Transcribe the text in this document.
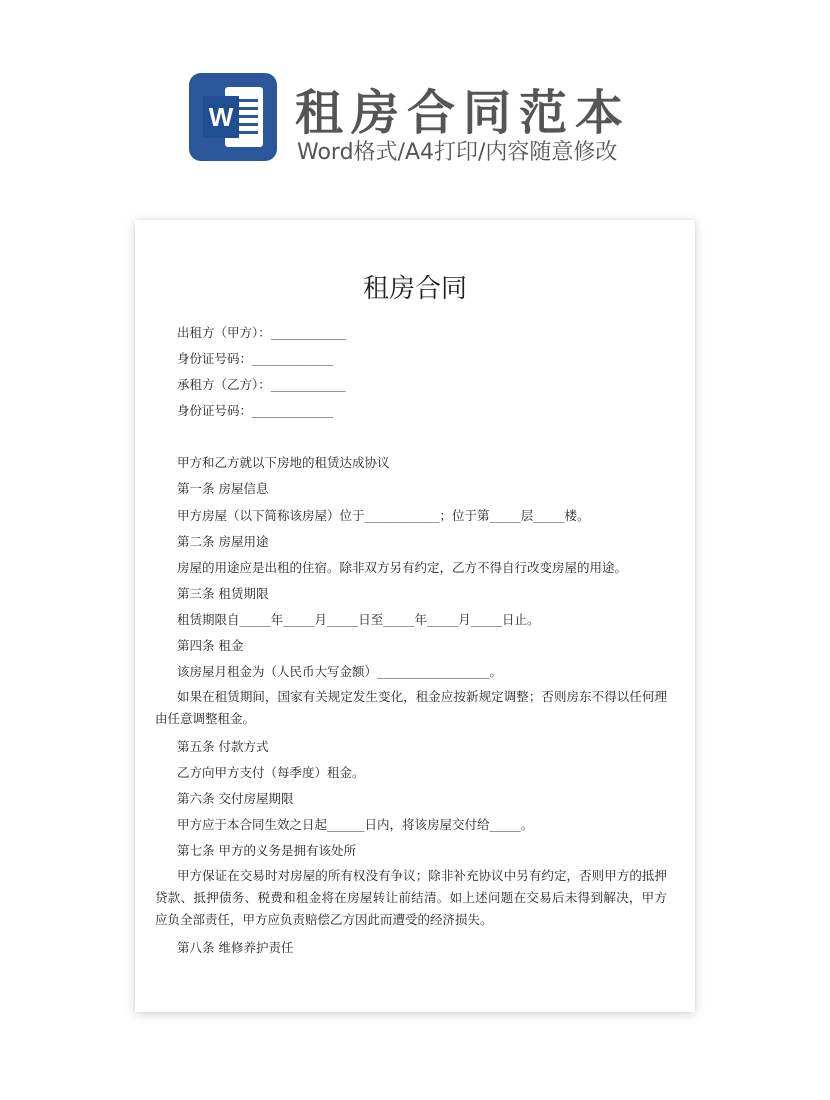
W 租房合同范本
Word格式/A4打印/内容随意修改
租房合同
出租方（甲方）：____________
身份证号码：_____________
承租方（乙方）：____________
身份证号码：_____________
甲方和乙方就以下房地的租赁达成协议
第一条 房屋信息
甲方房屋（以下简称该房屋）位于____________；位于第_____层_____楼。
第二条 房屋用途
房屋的用途应是出租的住宿。除非双方另有约定，乙方不得自行改变房屋的用途。
第三条 租赁期限
租赁期限自_____年_____月_____日至_____年_____月_____日止。
第四条 租金
该房屋月租金为（人民币大写金额）__________________。
如果在租赁期间，国家有关规定发生变化，租金应按新规定调整；否则房东不得以任何理由任意调整租金。
第五条 付款方式
乙方向甲方支付（每季度）租金。
第六条 交付房屋期限
甲方应于本合同生效之日起______日内，将该房屋交付给_____。
第七条 甲方的义务是拥有该处所
甲方保证在交易时对房屋的所有权没有争议；除非补充协议中另有约定，否则甲方的抵押贷款、抵押债务、税费和租金将在房屋转让前结清。如上述问题在交易后未得到解决，甲方应负全部责任，甲方应负责赔偿乙方因此而遭受的经济损失。
第八条 维修养护责任
